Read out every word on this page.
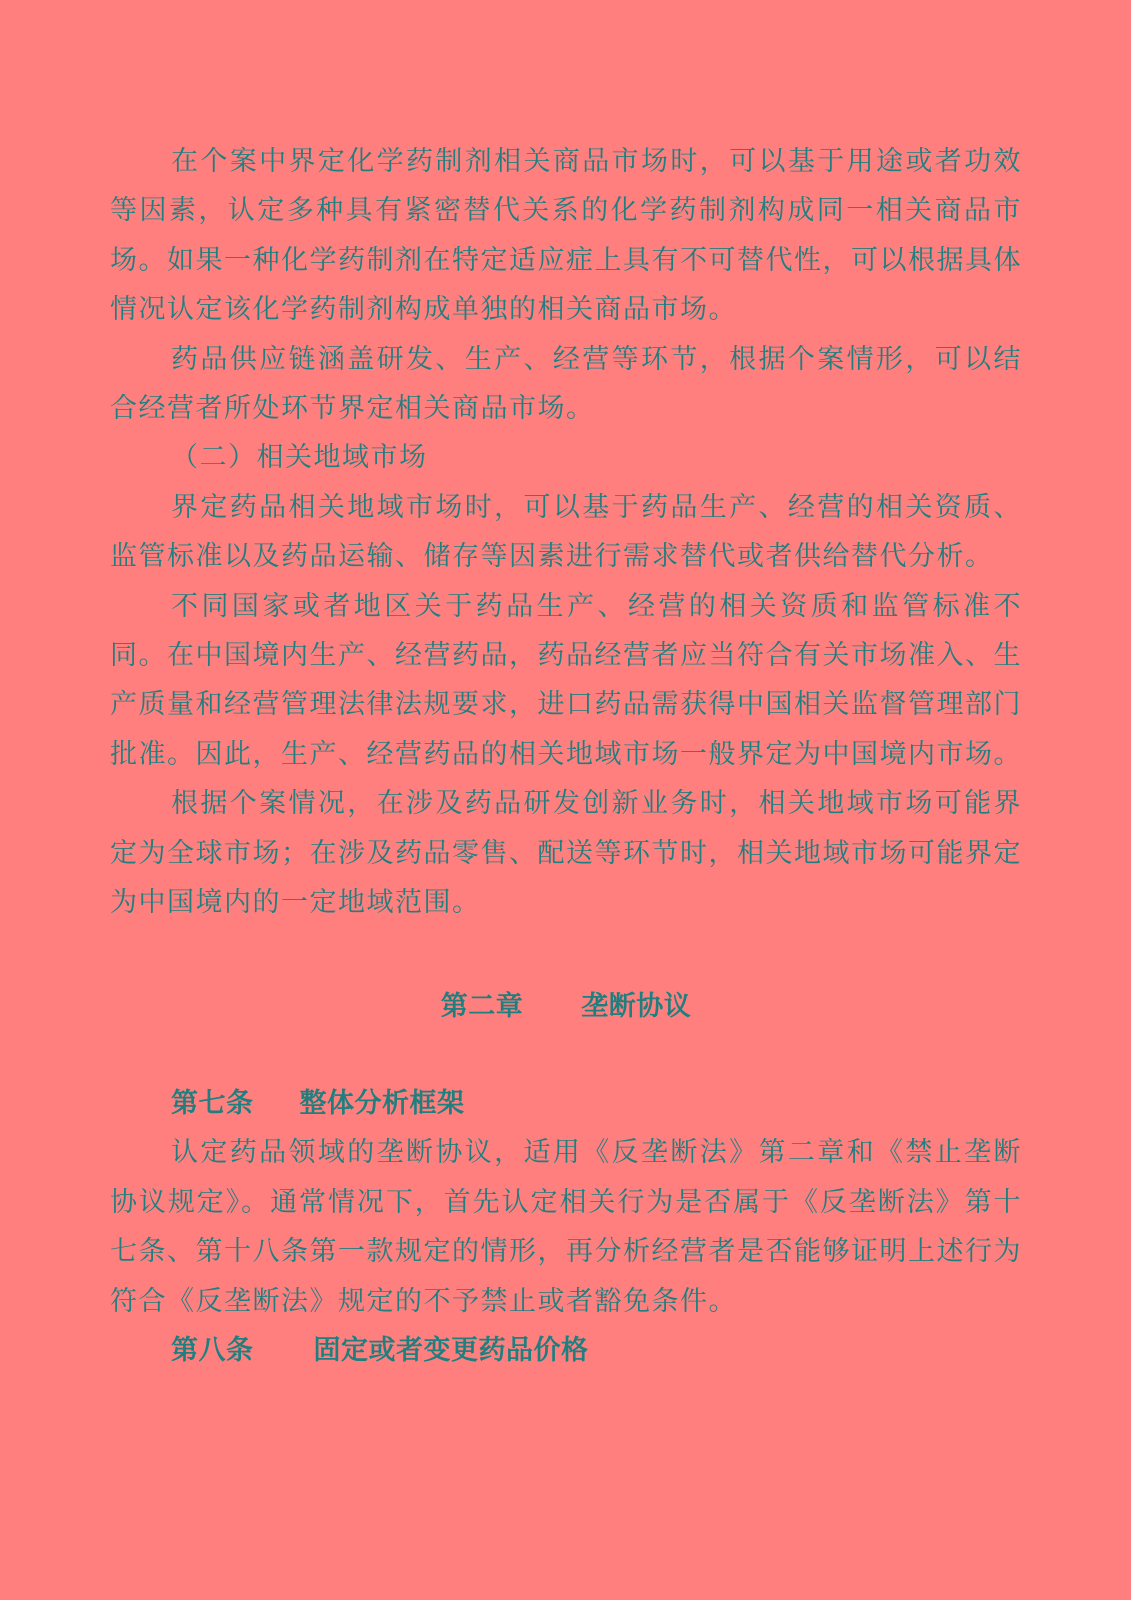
在个案中界定化学药制剂相关商品市场时，可以基于用途或者功效等因素，认定多种具有紧密替代关系的化学药制剂构成同一相关商品市场。如果一种化学药制剂在特定适应症上具有不可替代性，可以根据具体情况认定该化学药制剂构成单独的相关商品市场。

药品供应链涵盖研发、生产、经营等环节，根据个案情形，可以结合经营者所处环节界定相关商品市场。

（二）相关地域市场

界定药品相关地域市场时，可以基于药品生产、经营的相关资质、监管标准以及药品运输、储存等因素进行需求替代或者供给替代分析。

不同国家或者地区关于药品生产、经营的相关资质和监管标准不同。在中国境内生产、经营药品，药品经营者应当符合有关市场准入、生产质量和经营管理法律法规要求，进口药品需获得中国相关监督管理部门批准。因此，生产、经营药品的相关地域市场一般界定为中国境内市场。

根据个案情况，在涉及药品研发创新业务时，相关地域市场可能界定为全球市场；在涉及药品零售、配送等环节时，相关地域市场可能界定为中国境内的一定地域范围。

第二章 垄断协议

第七条 整体分析框架

认定药品领域的垄断协议，适用《反垄断法》第二章和《禁止垄断协议规定》。通常情况下，首先认定相关行为是否属于《反垄断法》第十七条、第十八条第一款规定的情形，再分析经营者是否能够证明上述行为符合《反垄断法》规定的不予禁止或者豁免条件。

第八条 固定或者变更药品价格
